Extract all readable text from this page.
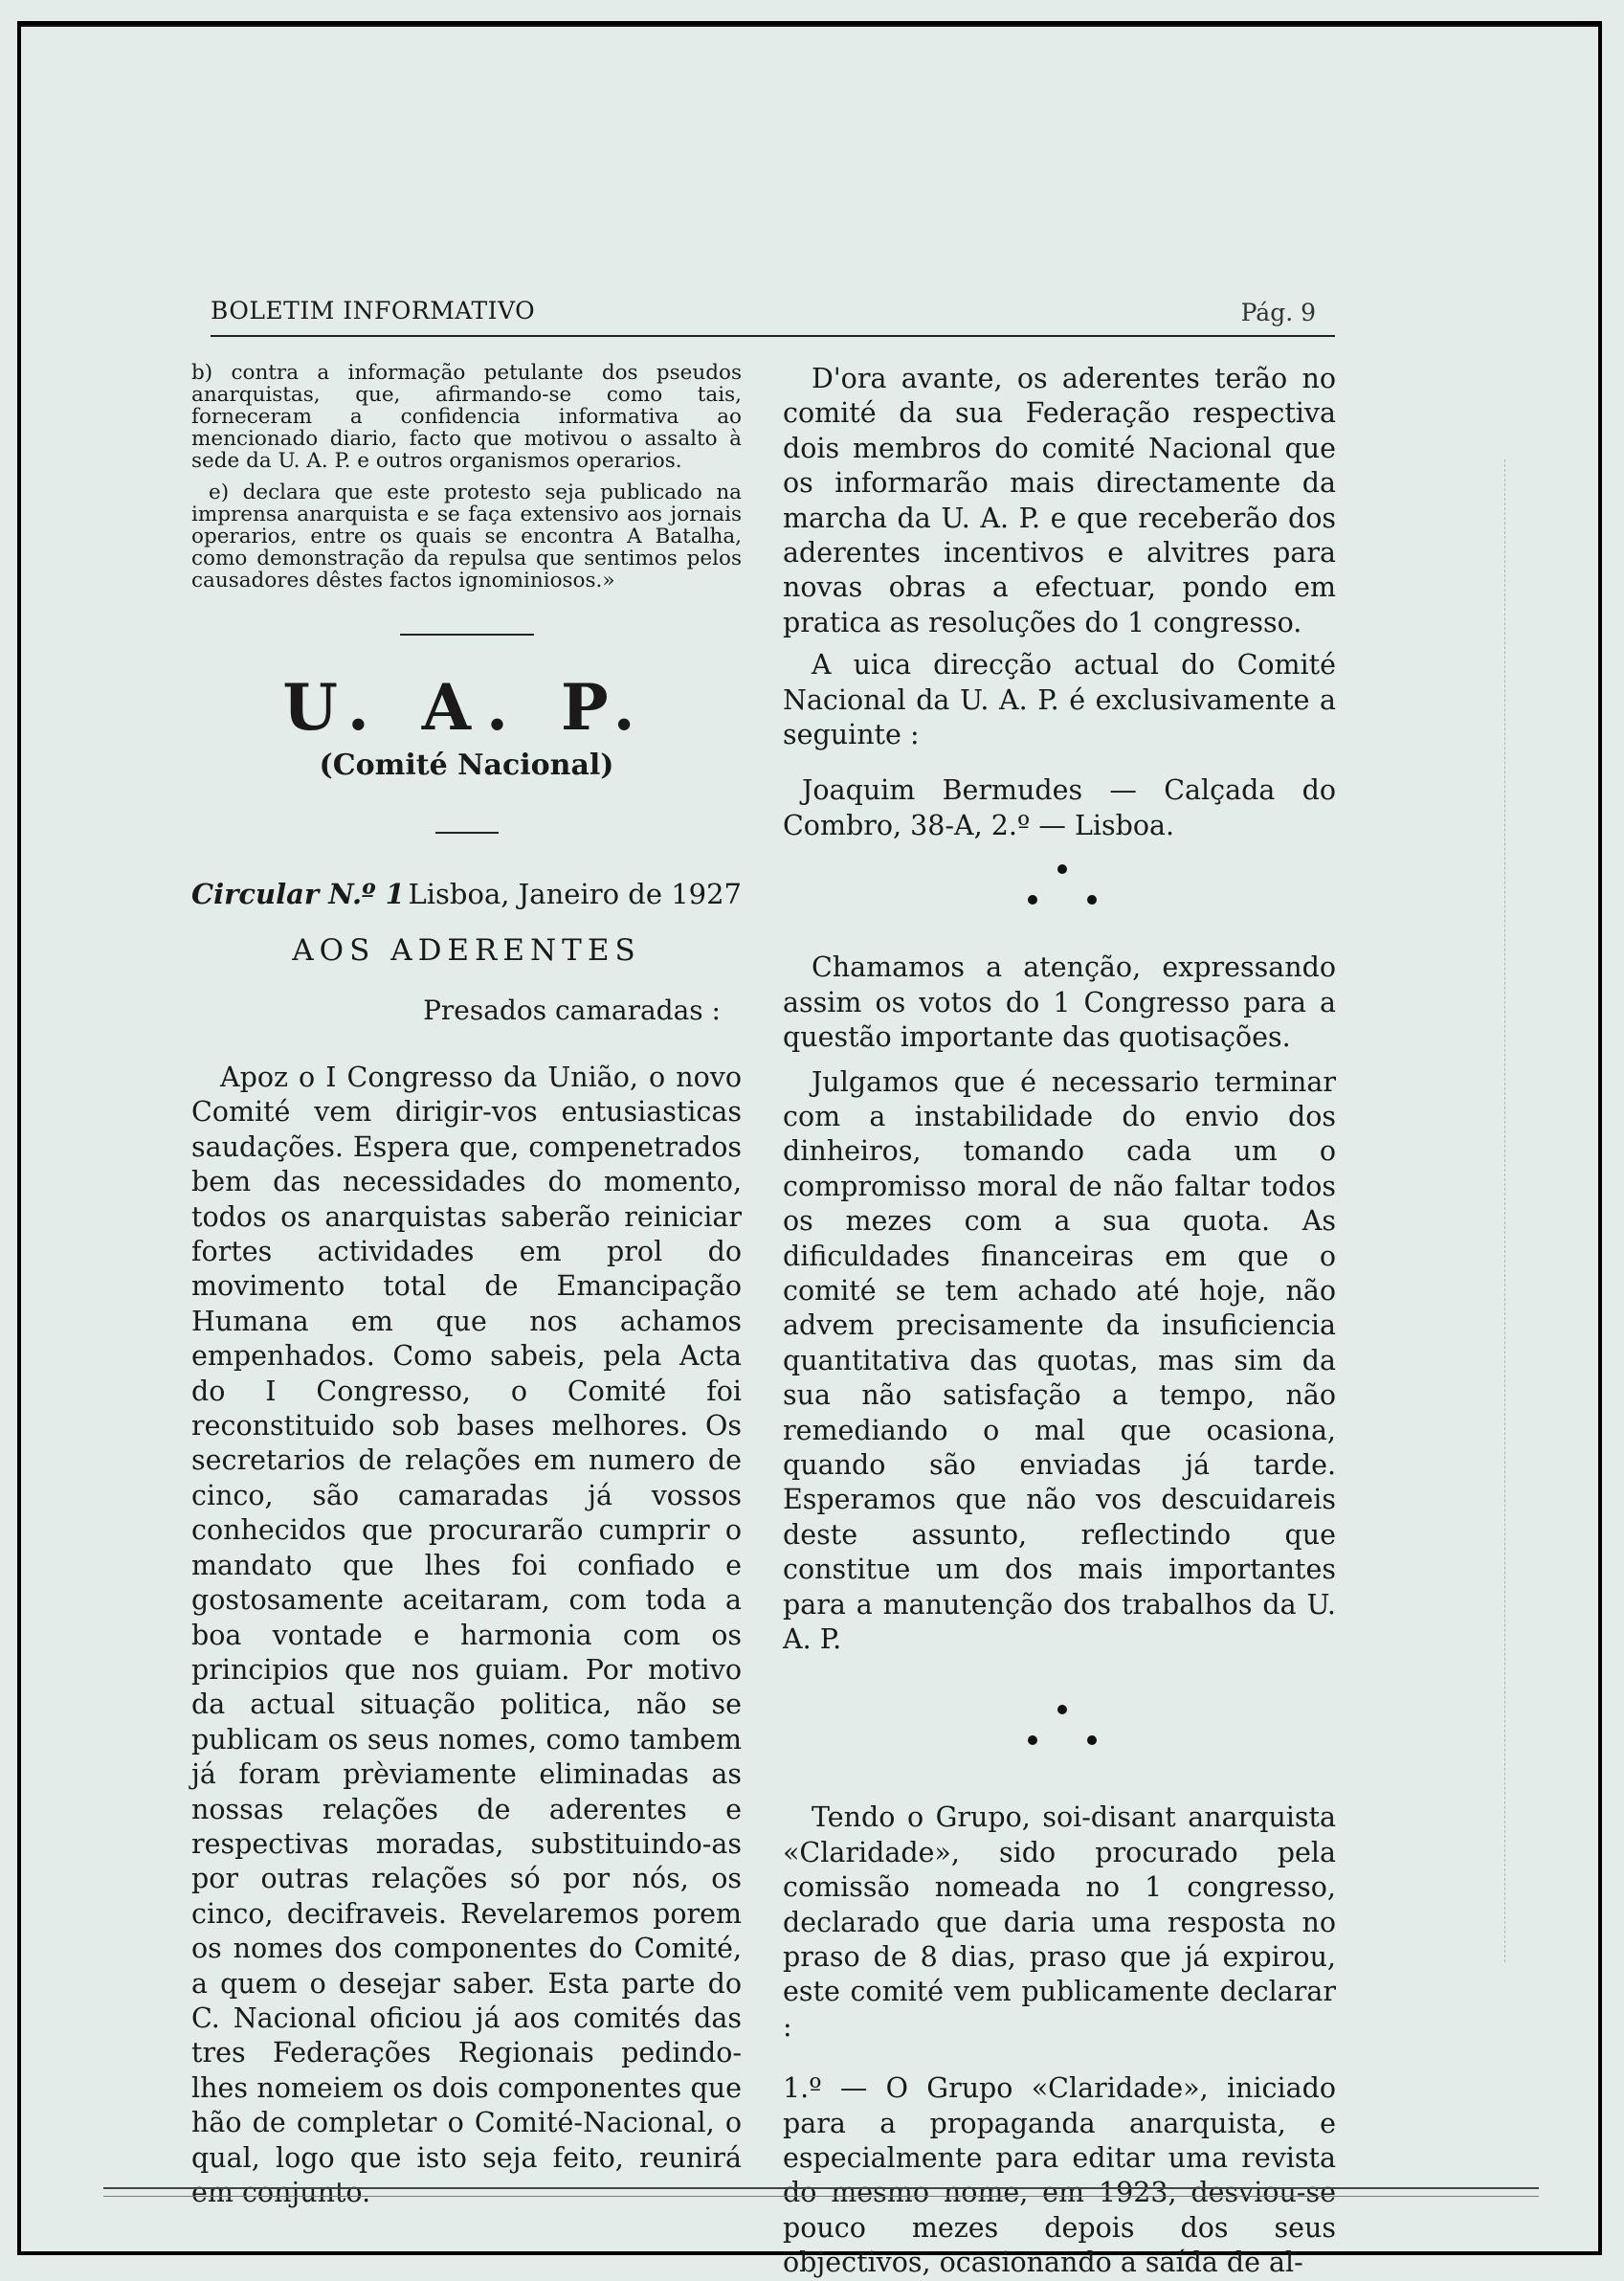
BOLETIM INFORMATIVO	Pág. 9

b) contra a informação petulante dos pseudos anarquistas, que, afirmando-se como tais, forneceram a confidencia informativa ao mencionado diario, facto que motivou o assalto à sede da U. A. P. e outros organismos operarios.

e) declara que este protesto seja publicado na imprensa anarquista e se faça extensivo aos jornais operarios, entre os quais se encontra A Batalha, como demonstração da repulsa que sentimos pelos causadores dêstes factos ignominiosos.»

U. A. P.
(Comité Nacional)
Circular N.º 1 Lisboa, Janeiro de 1927
AOS ADERENTES
Presados camaradas :

Apoz o I Congresso da União, o novo Comité vem dirigir-vos entusiasticas saudações. Espera que, compenetrados bem das necessidades do momento, todos os anarquistas saberão reiniciar fortes actividades em prol do movimento total de Emancipação Humana em que nos achamos empenhados. Como sabeis, pela Acta do I Congresso, o Comité foi reconstituido sob bases melhores. Os secretarios de relações em numero de cinco, são camaradas já vossos conhecidos que procurarão cumprir o mandato que lhes foi confiado e gostosamente aceitaram, com toda a boa vontade e harmonia com os principios que nos guiam. Por motivo da actual situação politica, não se publicam os seus nomes, como tambem já foram prèviamente eliminadas as nossas relações de aderentes e respectivas moradas, substituindo-as por outras relações só por nós, os cinco, decifraveis. Revelaremos porem os nomes dos componentes do Comité, a quem o desejar saber. Esta parte do C. Nacional oficiou já aos comités das tres Federações Regionais pedindo-lhes nomeiem os dois componentes que hão de completar o Comité-Nacional, o qual, logo que isto seja feito, reunirá em conjunto.

D'ora avante, os aderentes terão no comité da sua Federação respectiva dois membros do comité Nacional que os informarão mais directamente da marcha da U. A. P. e que receberão dos aderentes incentivos e alvitres para novas obras a efectuar, pondo em pratica as resoluções do 1 congresso.

A uica direcção actual do Comité Nacional da U. A. P. é exclusivamente a seguinte :

Joaquim Bermudes — Calçada do Combro, 38-A, 2.º — Lisboa.

Chamamos a atenção, expressando assim os votos do 1 Congresso para a questão importante das quotisações.

Julgamos que é necessario terminar com a instabilidade do envio dos dinheiros, tomando cada um o compromisso moral de não faltar todos os mezes com a sua quota. As dificuldades financeiras em que o comité se tem achado até hoje, não advem precisamente da insuficiencia quantitativa das quotas, mas sim da sua não satisfação a tempo, não remediando o mal que ocasiona, quando são enviadas já tarde. Esperamos que não vos descuidareis deste assunto, reflectindo que constitue um dos mais importantes para a manutenção dos trabalhos da U. A. P.

Tendo o Grupo, soi-disant anarquista «Claridade», sido procurado pela comissão nomeada no 1 congresso, declarado que daria uma resposta no praso de 8 dias, praso que já expirou, este comité vem publicamente declarar :

1.º — O Grupo «Claridade», iniciado para a propaganda anarquista, e especialmente para editar uma revista do mesmo nome, em 1923, desviou-se pouco mezes depois dos seus objectivos, ocasionando a saída de al-
